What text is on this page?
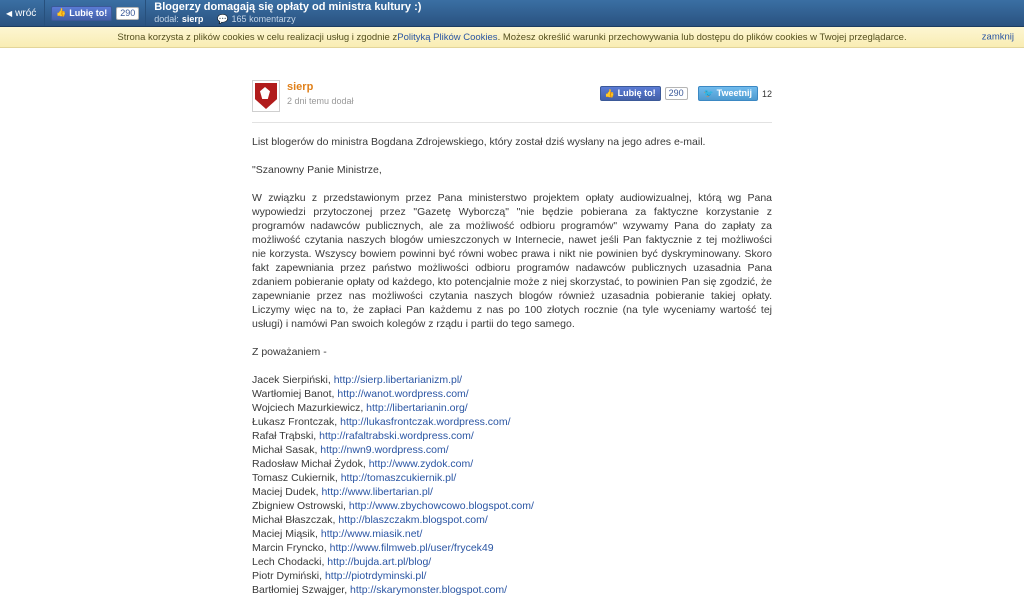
◀ wróć	👍 Lubię to!	290	Blogerzy domagają się opłaty od ministra kultury :)
dodał: sierp 💬 165 komentarzy
Strona korzysta z plików cookies w celu realizacji usług i zgodnie z Polityką Plików Cookies . Możesz określić warunki przechowywania lub dostępu do plików cookies w Twojej przeglądarce.	zamknij
sierp
2 dni temu dodał
👍 Lubię to!	290	🐦 Tweetnij 12

List blogerów do ministra Bogdana Zdrojewskiego, który został dziś wysłany na jego adres e-mail.

"Szanowny Panie Ministrze,

W związku z przedstawionym przez Pana ministerstwo projektem opłaty audiowizualnej, którą wg Pana wypowiedzi przytoczonej przez "Gazetę Wyborczą" "nie będzie pobierana za faktyczne korzystanie z programów nadawców publicznych, ale za możliwość odbioru programów" wzywamy Pana do zapłaty za możliwość czytania naszych blogów umieszczonych w Internecie, nawet jeśli Pan faktycznie z tej możliwości nie korzysta. Wszyscy bowiem powinni być równi wobec prawa i nikt nie powinien być dyskryminowany. Skoro fakt zapewniania przez państwo możliwości odbioru programów nadawców publicznych uzasadnia Pana zdaniem pobieranie opłaty od każdego, kto potencjalnie może z niej skorzystać, to powinien Pan się zgodzić, że zapewnianie przez nas możliwości czytania naszych blogów również uzasadnia pobieranie takiej opłaty. Liczymy więc na to, że zapłaci Pan każdemu z nas po 100 złotych rocznie (na tyle wyceniamy wartość tej usługi) i namówi Pan swoich kolegów z rządu i partii do tego samego.

Z poważaniem -

Jacek Sierpiński, http://sierp.libertarianizm.pl/
Wartłomiej Banot, http://wanot.wordpress.com/
Wojciech Mazurkiewicz, http://libertarianin.org/
Łukasz Frontczak, http://lukasfrontczak.wordpress.com/
Rafał Trąbski, http://rafaltrabski.wordpress.com/
Michał Sasak, http://nwn9.wordpress.com/
Radosław Michał Żydok, http://www.zydok.com/
Tomasz Cukiernik, http://tomaszcukiernik.pl/
Maciej Dudek, http://www.libertarian.pl/
Zbigniew Ostrowski, http://www.zbychowcowo.blogspot.com/
Michał Błaszczak, http://blaszczakm.blogspot.com/
Maciej Miąsik, http://www.miasik.net/
Marcin Fryncko, http://www.filmweb.pl/user/frycek49
Lech Chodacki, http://bujda.art.pl/blog/
Piotr Dymiński, http://piotrdyminski.pl/
Bartłomiej Szwajger, http://skarymonster.blogspot.com/
